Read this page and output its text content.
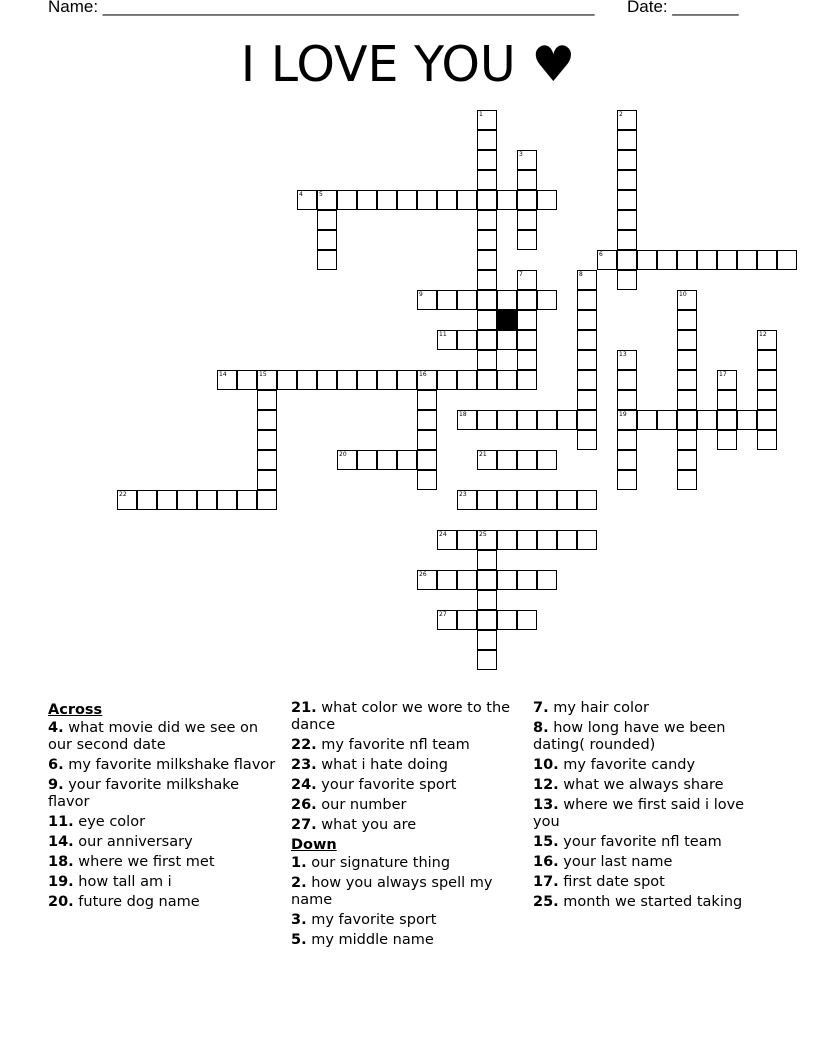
Name: ____________________________________________________ Date: _______
I LOVE YOU ♥
4	5
6
9
11
14	15	16
18	19
20	21
22	23
24	25
26
27
1	2
3
7	8
10
12
13
17
Across
4. what movie did we see on our second date
6. my favorite milkshake flavor
9. your favorite milkshake flavor
11. eye color
14. our anniversary
18. where we first met
19. how tall am i
20. future dog name
21. what color we wore to the dance
22. my favorite nfl team
23. what i hate doing
24. your favorite sport
26. our number
27. what you are
Down
1. our signature thing
2. how you always spell my name
3. my favorite sport
5. my middle name
7. my hair color
8. how long have we been dating( rounded)
10. my favorite candy
12. what we always share
13. where we first said i love you
15. your favorite nfl team
16. your last name
17. first date spot
25. month we started taking
